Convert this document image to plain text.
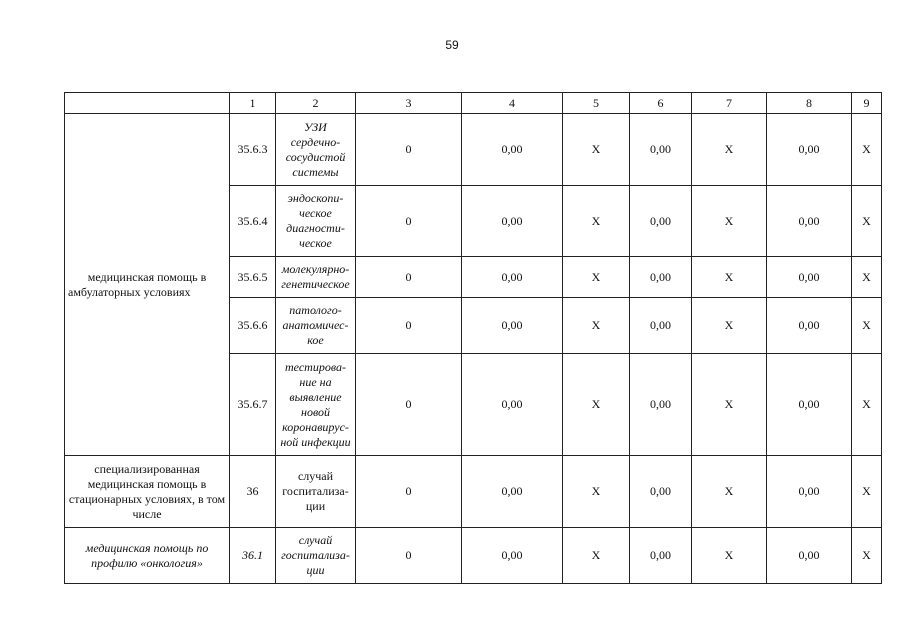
59
	1	2	3	4	5	6	7	8	9
медицинская помощь в амбулаторных условиях	35.6.3	УЗИ сердечно-сосудистой системы	0	0,00	Х	0,00	Х	0,00	Х
	35.6.4	эндоскопи-ческое диагности-ческое	0	0,00	Х	0,00	Х	0,00	Х
	35.6.5	молекулярно-генетическое	0	0,00	Х	0,00	Х	0,00	Х
	35.6.6	патолого-анатомичес-кое	0	0,00	Х	0,00	Х	0,00	Х
	35.6.7	тестирова-ние на выявление новой коронавирус-ной инфекции	0	0,00	Х	0,00	Х	0,00	Х
специализированная медицинская помощь в стационарных условиях, в том числе	36	случай госпитализа-ции	0	0,00	Х	0,00	Х	0,00	Х
медицинская помощь по профилю «онкология»	36.1	случай госпитализа-ции	0	0,00	Х	0,00	Х	0,00	Х
